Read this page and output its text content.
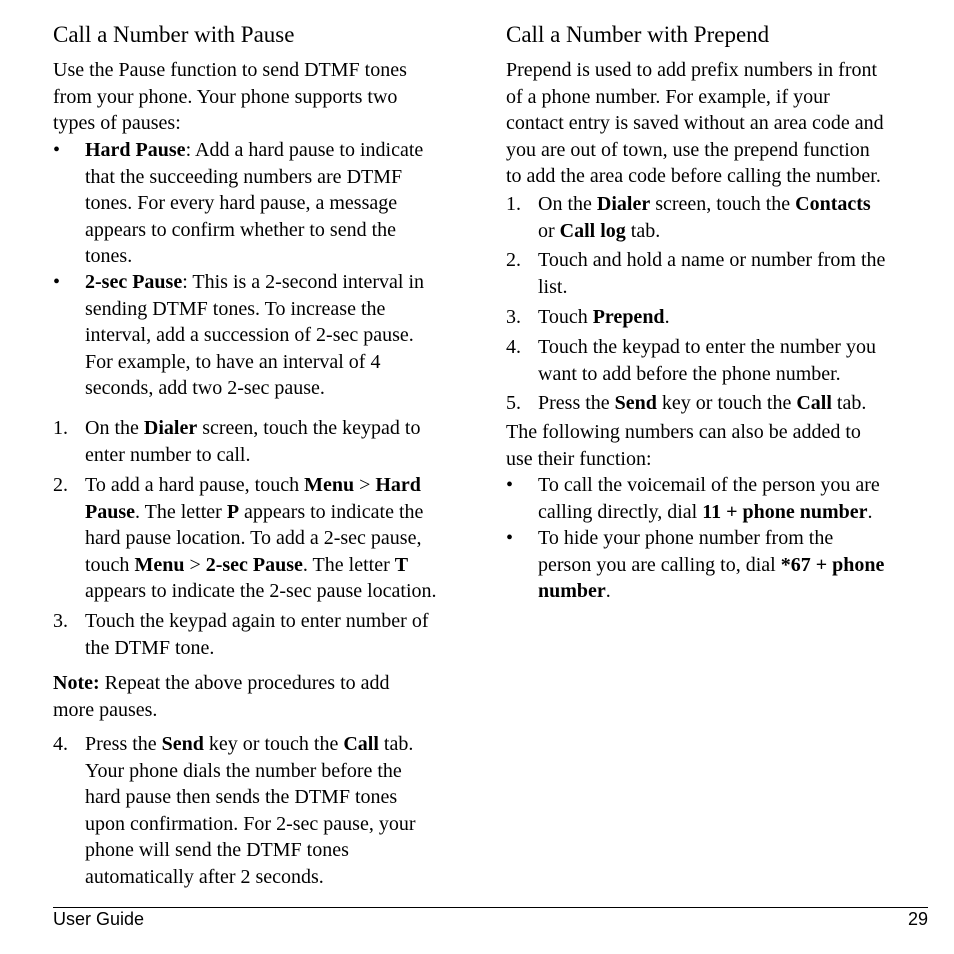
Call a Number with Pause

Use the Pause function to send DTMF tones

from your phone. Your phone supports two

types of pauses:

• Hard Pause: Add a hard pause to indicate
that the succeeding numbers are DTMF
tones. For every hard pause, a message
appears to confirm whether to send the
tones.
• 2-sec Pause: This is a 2-second interval in
sending DTMF tones. To increase the
interval, add a succession of 2-sec pause.
For example, to have an interval of 4
seconds, add two 2-sec pause.
1. On the Dialer screen, touch the keypad to
enter number to call.
2. To add a hard pause, touch Menu > Hard
Pause. The letter P appears to indicate the
hard pause location. To add a 2-sec pause,
touch Menu > 2-sec Pause. The letter T
appears to indicate the 2-sec pause location.
3. Touch the keypad again to enter number of
the DTMF tone.

Note: Repeat the above procedures to add

more pauses.

4. Press the Send key or touch the Call tab.
Your phone dials the number before the
hard pause then sends the DTMF tones
upon confirmation. For 2-sec pause, your
phone will send the DTMF tones
automatically after 2 seconds.
Call a Number with Prepend

Prepend is used to add prefix numbers in front

of a phone number. For example, if your

contact entry is saved without an area code and

you are out of town, use the prepend function

to add the area code before calling the number.

1. On the Dialer screen, touch the Contacts
or Call log tab.
2. Touch and hold a name or number from the
list.
3. Touch Prepend.
4. Touch the keypad to enter the number you
want to add before the phone number.
5. Press the Send key or touch the Call tab.

The following numbers can also be added to

use their function:

• To call the voicemail of the person you are
calling directly, dial 11 + phone number.
• To hide your phone number from the
person you are calling to, dial *67 + phone
number.
User Guide	29
